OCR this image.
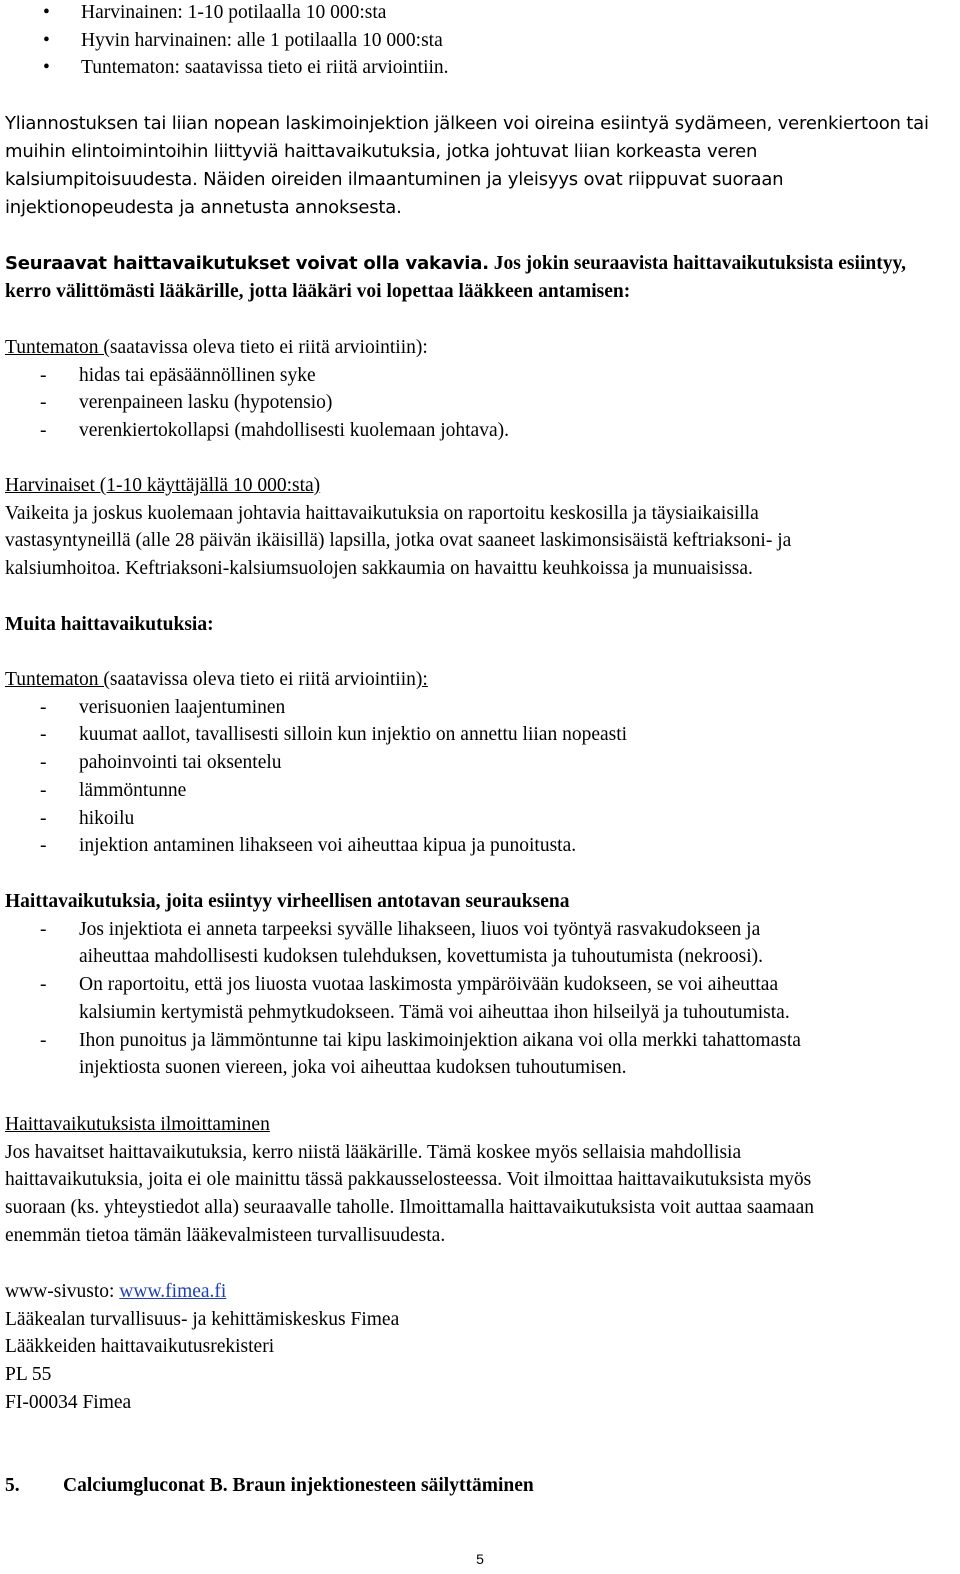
• Harvinainen: 1-10 potilaalla 10 000:sta
• Hyvin harvinainen: alle 1 potilaalla 10 000:sta
• Tuntematon: saatavissa tieto ei riitä arviointiin.

Yliannostuksen tai liian nopean laskimoinjektion jälkeen voi oireina esiintyä sydämeen, verenkiertoon tai

muihin elintoimintoihin liittyviä haittavaikutuksia, jotka johtuvat liian korkeasta veren

kalsiumpitoisuudesta. Näiden oireiden ilmaantuminen ja yleisyys ovat riippuvat suoraan

injektionopeudesta ja annetusta annoksesta.

Seuraavat haittavaikutukset voivat olla vakavia. Jos jokin seuraavista haittavaikutuksista esiintyy,

kerro välittömästi lääkärille, jotta lääkäri voi lopettaa lääkkeen antamisen:

Tuntematon (saatavissa oleva tieto ei riitä arviointiin):

- hidas tai epäsäännöllinen syke
- verenpaineen lasku (hypotensio)
- verenkiertokollapsi (mahdollisesti kuolemaan johtava).

Harvinaiset (1-10 käyttäjällä 10 000:sta)

Vaikeita ja joskus kuolemaan johtavia haittavaikutuksia on raportoitu keskosilla ja täysiaikaisilla

vastasyntyneillä (alle 28 päivän ikäisillä) lapsilla, jotka ovat saaneet laskimonsisäistä keftriaksoni- ja

kalsiumhoitoa. Keftriaksoni-kalsiumsuolojen sakkaumia on havaittu keuhkoissa ja munuaisissa.

Muita haittavaikutuksia:

Tuntematon (saatavissa oleva tieto ei riitä arviointiin):

- verisuonien laajentuminen
- kuumat aallot, tavallisesti silloin kun injektio on annettu liian nopeasti
- pahoinvointi tai oksentelu
- lämmöntunne
- hikoilu
- injektion antaminen lihakseen voi aiheuttaa kipua ja punoitusta.

Haittavaikutuksia, joita esiintyy virheellisen antotavan seurauksena

- Jos injektiota ei anneta tarpeeksi syvälle lihakseen, liuos voi työntyä rasvakudokseen ja
aiheuttaa mahdollisesti kudoksen tulehduksen, kovettumista ja tuhoutumista (nekroosi).
- On raportoitu, että jos liuosta vuotaa laskimosta ympäröivään kudokseen, se voi aiheuttaa
kalsiumin kertymistä pehmytkudokseen. Tämä voi aiheuttaa ihon hilseilyä ja tuhoutumista.
- Ihon punoitus ja lämmöntunne tai kipu laskimoinjektion aikana voi olla merkki tahattomasta
injektiosta suonen viereen, joka voi aiheuttaa kudoksen tuhoutumisen.

Haittavaikutuksista ilmoittaminen

Jos havaitset haittavaikutuksia, kerro niistä lääkärille. Tämä koskee myös sellaisia mahdollisia

haittavaikutuksia, joita ei ole mainittu tässä pakkausselosteessa. Voit ilmoittaa haittavaikutuksista myös

suoraan (ks. yhteystiedot alla) seuraavalle taholle. Ilmoittamalla haittavaikutuksista voit auttaa saamaan

enemmän tietoa tämän lääkevalmisteen turvallisuudesta.

www-sivusto: www.fimea.fi

Lääkealan turvallisuus- ja kehittämiskeskus Fimea

Lääkkeiden haittavaikutusrekisteri

PL 55

FI-00034 Fimea

5. Calciumgluconat B. Braun injektionesteen säilyttäminen

5
